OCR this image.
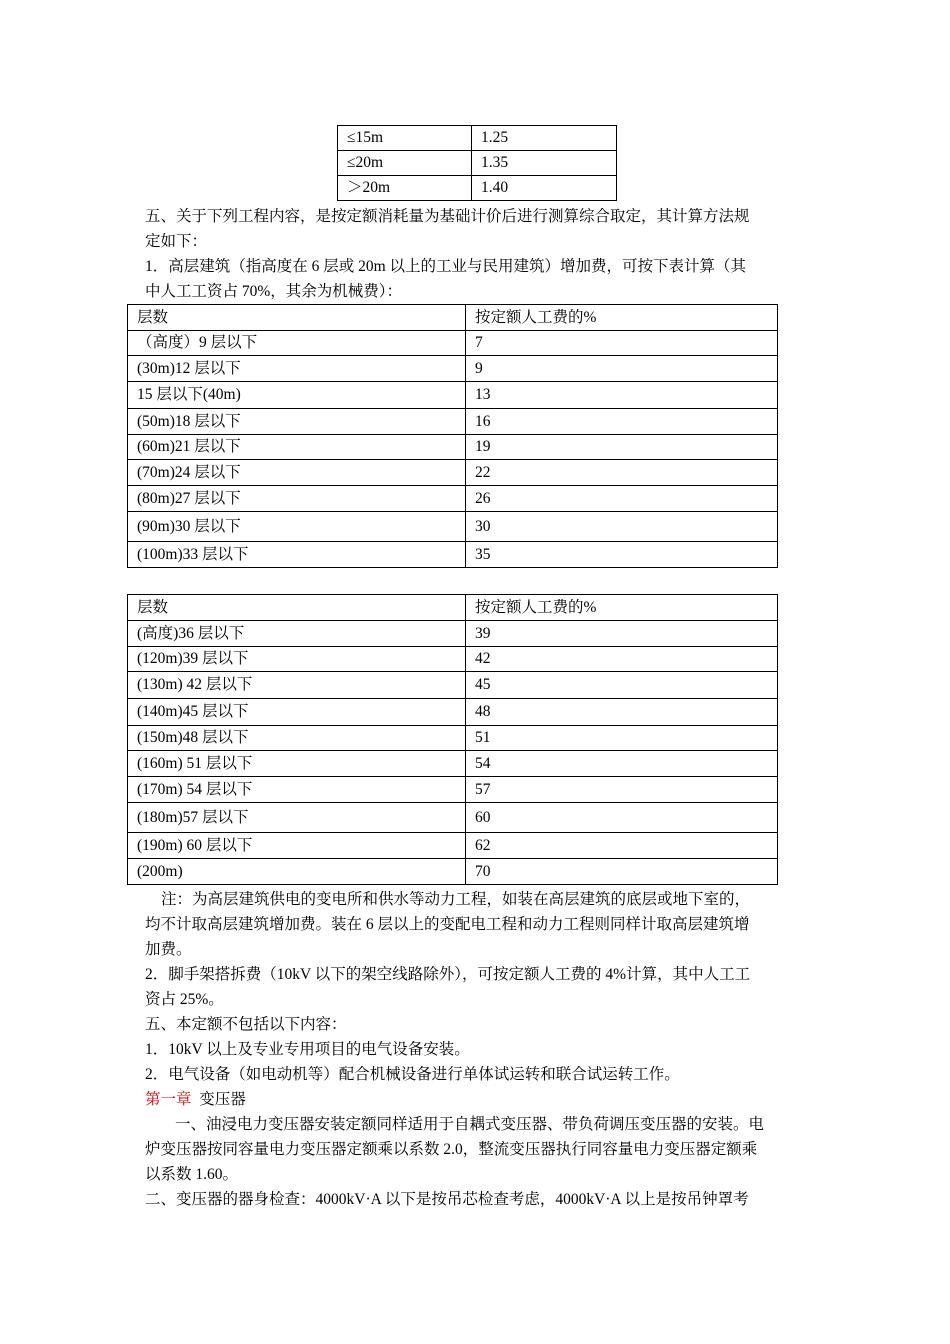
≤15m	1.25
≤20m	1.35
＞20m	1.40
五、关于下列工程内容，是按定额消耗量为基础计价后进行测算综合取定，其计算方法规
定如下：
1．高层建筑（指高度在 6 层或 20m 以上的工业与民用建筑）增加费，可按下表计算（其
中人工工资占 70%，其余为机械费）：
层数	按定额人工费的%
（高度）9 层以下	7
(30m)12 层以下	9
15 层以下(40m)	13
(50m)18 层以下	16
(60m)21 层以下	19
(70m)24 层以下	22
(80m)27 层以下	26
(90m)30 层以下	30
(100m)33 层以下	35
层数	按定额人工费的%
(高度)36 层以下	39
(120m)39 层以下	42
(130m) 42 层以下	45
(140m)45 层以下	48
(150m)48 层以下	51
(160m) 51 层以下	54
(170m) 54 层以下	57
(180m)57 层以下	60
(190m) 60 层以下	62
(200m)	70
注：为高层建筑供电的变电所和供水等动力工程，如装在高层建筑的底层或地下室的，
均不计取高层建筑增加费。装在 6 层以上的变配电工程和动力工程则同样计取高层建筑增
加费。
2．脚手架搭拆费（10kV 以下的架空线路除外），可按定额人工费的 4%计算，其中人工工
资占 25%。
五、本定额不包括以下内容：
1．10kV 以上及专业专用项目的电气设备安装。
2．电气设备（如电动机等）配合机械设备进行单体试运转和联合试运转工作。
第一章 变压器
一、油浸电力变压器安装定额同样适用于自耦式变压器、带负荷调压变压器的安装。电
炉变压器按同容量电力变压器定额乘以系数 2.0，整流变压器执行同容量电力变压器定额乘
以系数 1.60。
二、变压器的器身检查：4000kV·A 以下是按吊芯检查考虑，4000kV·A 以上是按吊钟罩考
